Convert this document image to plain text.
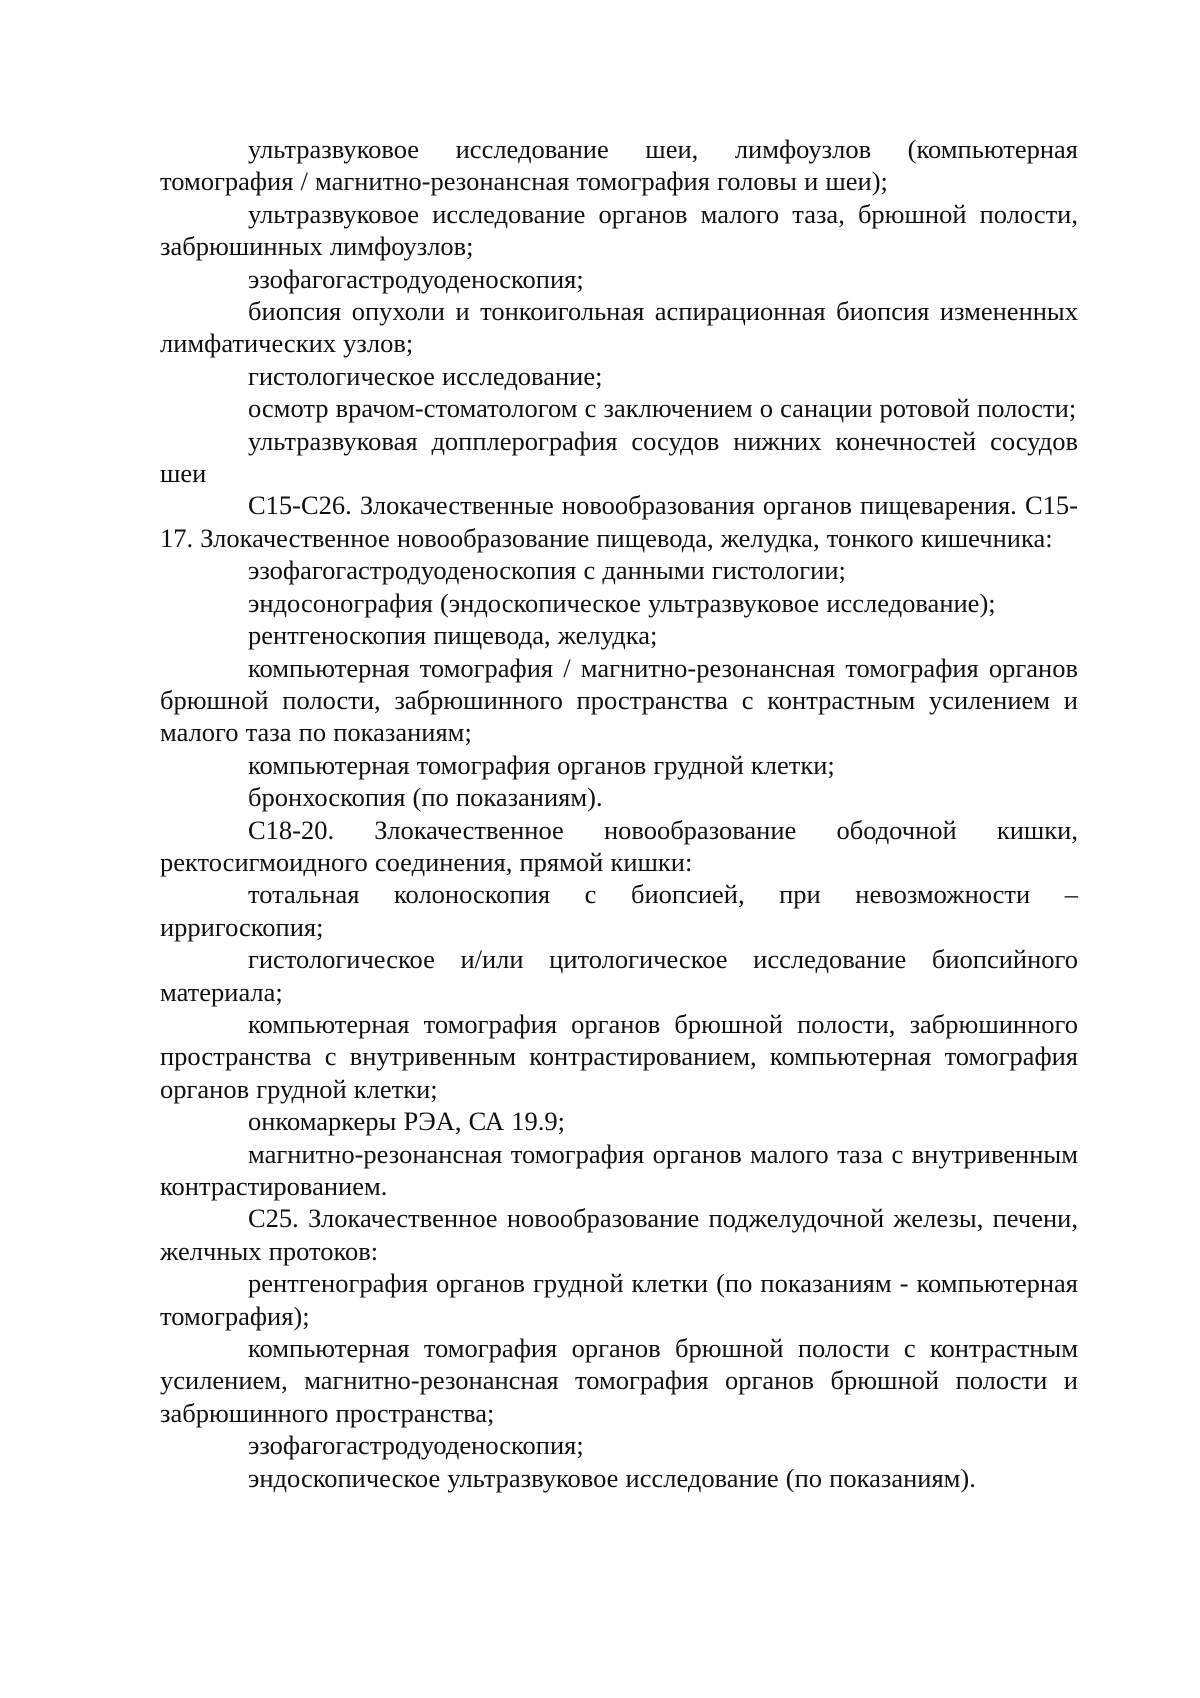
ультразвуковое исследование шеи, лимфоузлов (компьютерная томография / магнитно-резонансная томография головы и шеи);

ультразвуковое исследование органов малого таза, брюшной полости, забрюшинных лимфоузлов;

эзофагогастродуоденоскопия;

биопсия опухоли и тонкоигольная аспирационная биопсия измененных лимфатических узлов;

гистологическое исследование;

осмотр врачом-стоматологом с заключением о санации ротовой полости;

ультразвуковая допплерография сосудов нижних конечностей сосудов шеи

С15-С26. Злокачественные новообразования органов пищеварения. С15-17. Злокачественное новообразование пищевода, желудка, тонкого кишечника:

эзофагогастродуоденоскопия с данными гистологии;

эндосонография (эндоскопическое ультразвуковое исследование);

рентгеноскопия пищевода, желудка;

компьютерная томография / магнитно-резонансная томография органов брюшной полости, забрюшинного пространства с контрастным усилением и малого таза по показаниям;

компьютерная томография органов грудной клетки;

бронхоскопия (по показаниям).

С18-20. Злокачественное новообразование ободочной кишки, ректосигмоидного соединения, прямой кишки:

тотальная колоноскопия с биопсией, при невозможности – ирригоскопия;

гистологическое и/или цитологическое исследование биопсийного материала;

компьютерная томография органов брюшной полости, забрюшинного пространства с внутривенным контрастированием, компьютерная томография органов грудной клетки;

онкомаркеры РЭА, СА 19.9;

магнитно-резонансная томография органов малого таза с внутривенным контрастированием.

С25. Злокачественное новообразование поджелудочной железы, печени, желчных протоков:

рентгенография органов грудной клетки (по показаниям - компьютерная томография);

компьютерная томография органов брюшной полости с контрастным усилением, магнитно-резонансная томография органов брюшной полости и забрюшинного пространства;

эзофагогастродуоденоскопия;

эндоскопическое ультразвуковое исследование (по показаниям).
